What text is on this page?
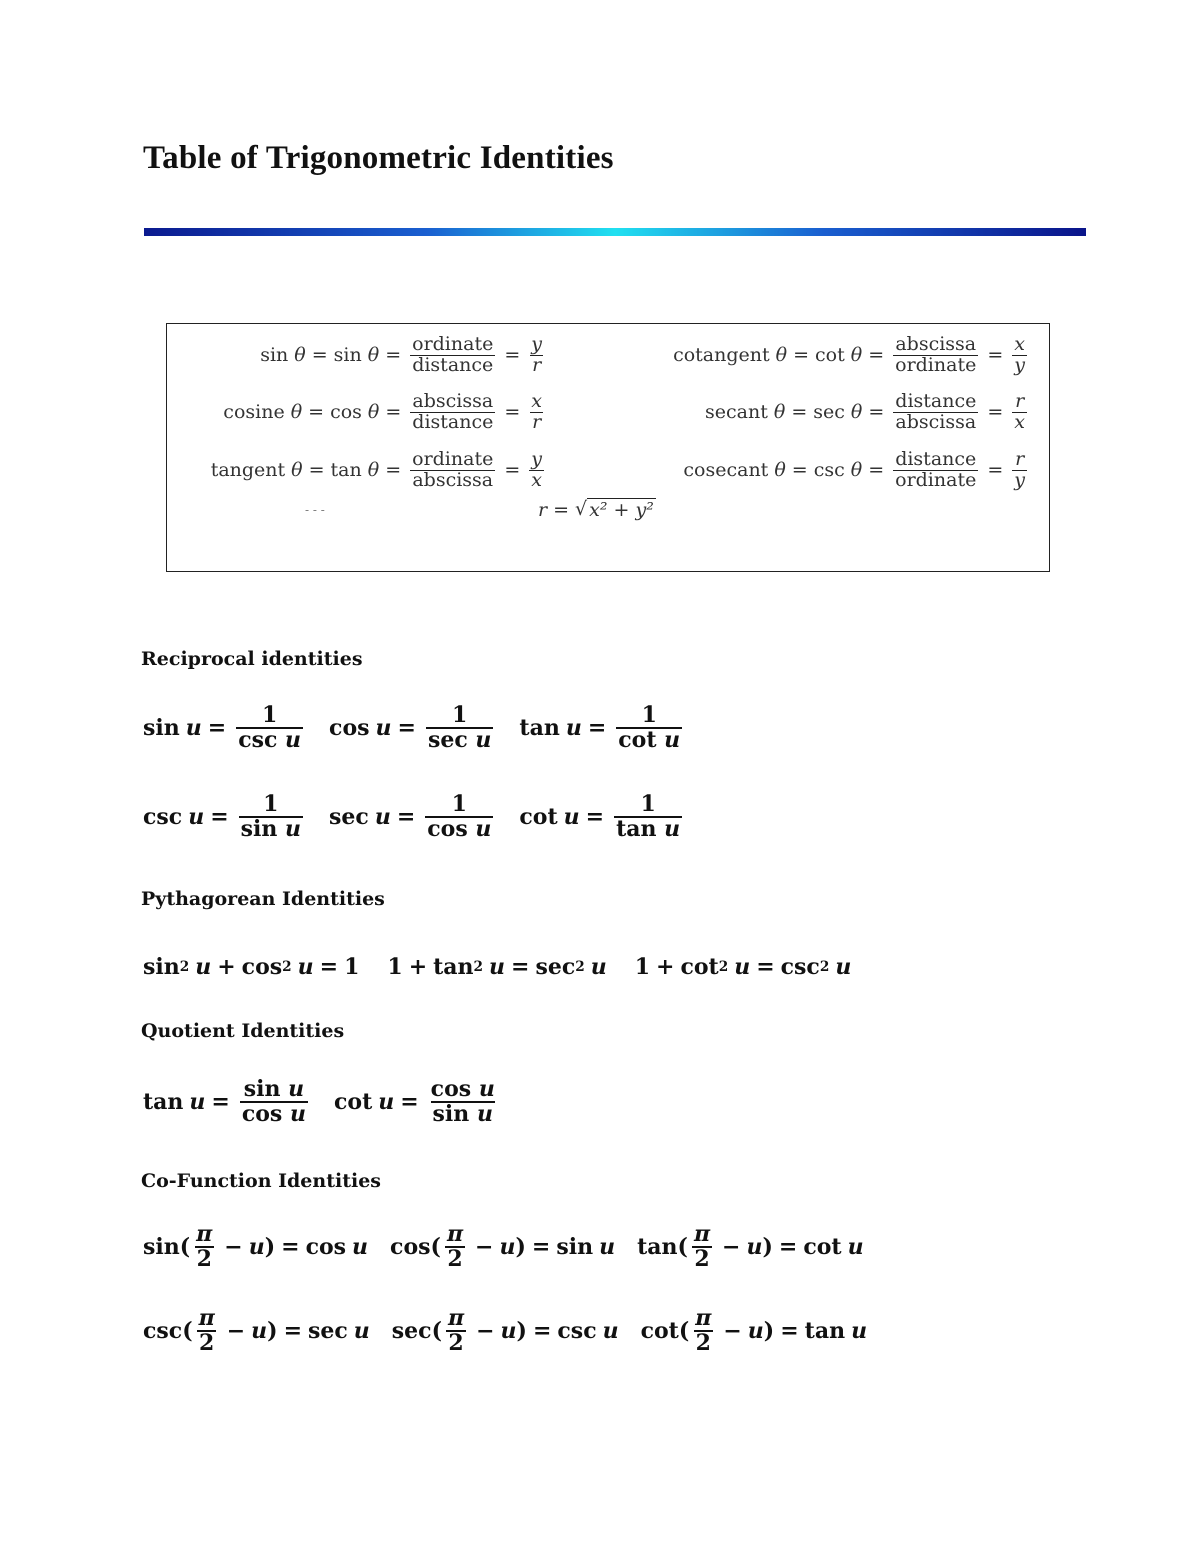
Table of Trigonometric Identities
$\sin \theta = \sin \theta = \frac{\text{ordinate}}{\text{distance}} = \frac{y}{r}$
cosine $\theta = \cos \theta = \frac{\text{abscissa}}{\text{distance}} = \frac{x}{r}$
tangent $\theta = \tan \theta = \frac{\text{ordinate}}{\text{abscissa}} = \frac{y}{x}$
cotangent $\theta = \cot \theta = \frac{\text{abscissa}}{\text{ordinate}} = \frac{x}{y}$
secant $\theta = \sec \theta = \frac{\text{distance}}{\text{abscissa}} = \frac{r}{x}$
cosecant $\theta = \csc \theta = \frac{\text{distance}}{\text{ordinate}} = \frac{r}{y}$
- - -	r = √ x² + y²
Reciprocal identities
$\sin u = \frac{1}{\text{csc u}}$ $\cos u = \frac{1}{\text{sec u}}$ $\tan u = \frac{1}{\text{cot u}}$
$\csc u = \frac{1}{\text{sin u}}$ $\sec u = \frac{1}{\text{cos u}}$ $\cot u = \frac{1}{\text{tan u}}$
Pythagorean Identities
sin 2 u + cos 2 u = 1 1 + tan 2 u = sec 2 u 1 + cot 2 u = csc 2 u
Quotient Identities
$\tan u = \frac{\text{sin u}}{\text{cos u}}$ $\cot u = \frac{\text{cos u}}{\text{sin u}}$
Co-Function Identities
sin ( $\frac{\pi}{2} - u$ ) = cos u cos ( $\frac{\pi}{2} - u$ ) = sin u tan ( $\frac{\pi}{2} - u$ ) = cot u
csc ( $\frac{\pi}{2} - u$ ) = sec u sec ( $\frac{\pi}{2} - u$ ) = csc u cot ( $\frac{\pi}{2} - u$ ) = tan u
